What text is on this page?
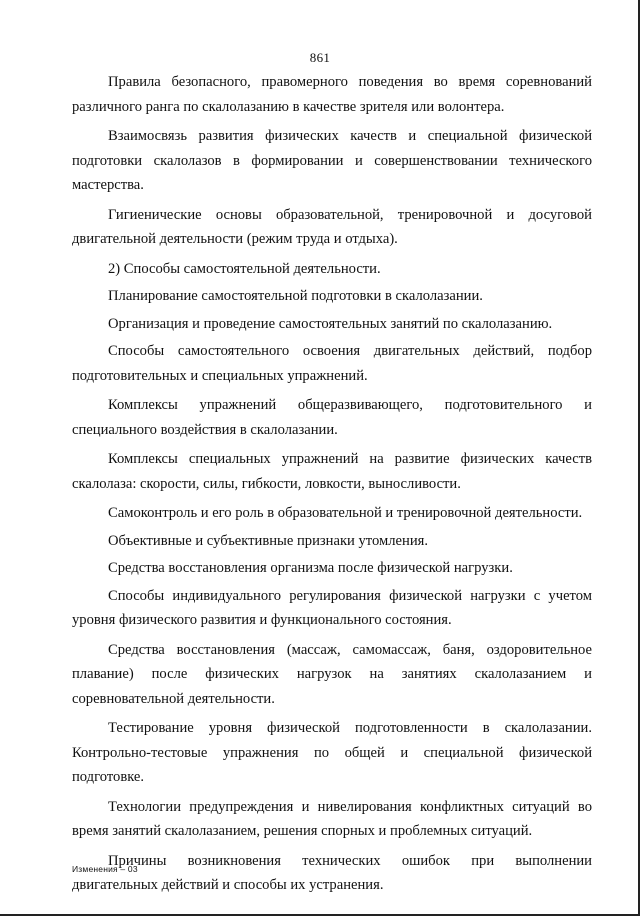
861

Правила безопасного, правомерного поведения во время соревнований различного ранга по скалолазанию в качестве зрителя или волонтера.

Взаимосвязь развития физических качеств и специальной физической подготовки скалолазов в формировании и совершенствовании технического мастерства.

Гигиенические основы образовательной, тренировочной и досуговой двигательной деятельности (режим труда и отдыха).

2) Способы самостоятельной деятельности.

Планирование самостоятельной подготовки в скалолазании.

Организация и проведение самостоятельных занятий по скалолазанию.

Способы самостоятельного освоения двигательных действий, подбор подготовительных и специальных упражнений.

Комплексы упражнений общеразвивающего, подготовительного и специального воздействия в скалолазании.

Комплексы специальных упражнений на развитие физических качеств скалолаза: скорости, силы, гибкости, ловкости, выносливости.

Самоконтроль и его роль в образовательной и тренировочной деятельности.

Объективные и субъективные признаки утомления.

Средства восстановления организма после физической нагрузки.

Способы индивидуального регулирования физической нагрузки с учетом уровня физического развития и функционального состояния.

Средства восстановления (массаж, самомассаж, баня, оздоровительное плавание) после физических нагрузок на занятиях скалолазанием и соревновательной деятельности.

Тестирование уровня физической подготовленности в скалолазании. Контрольно-тестовые упражнения по общей и специальной физической подготовке.

Технологии предупреждения и нивелирования конфликтных ситуаций во время занятий скалолазанием, решения спорных и проблемных ситуаций.

Причины возникновения технических ошибок при выполнении двигательных действий и способы их устранения.

Изменения – 03
